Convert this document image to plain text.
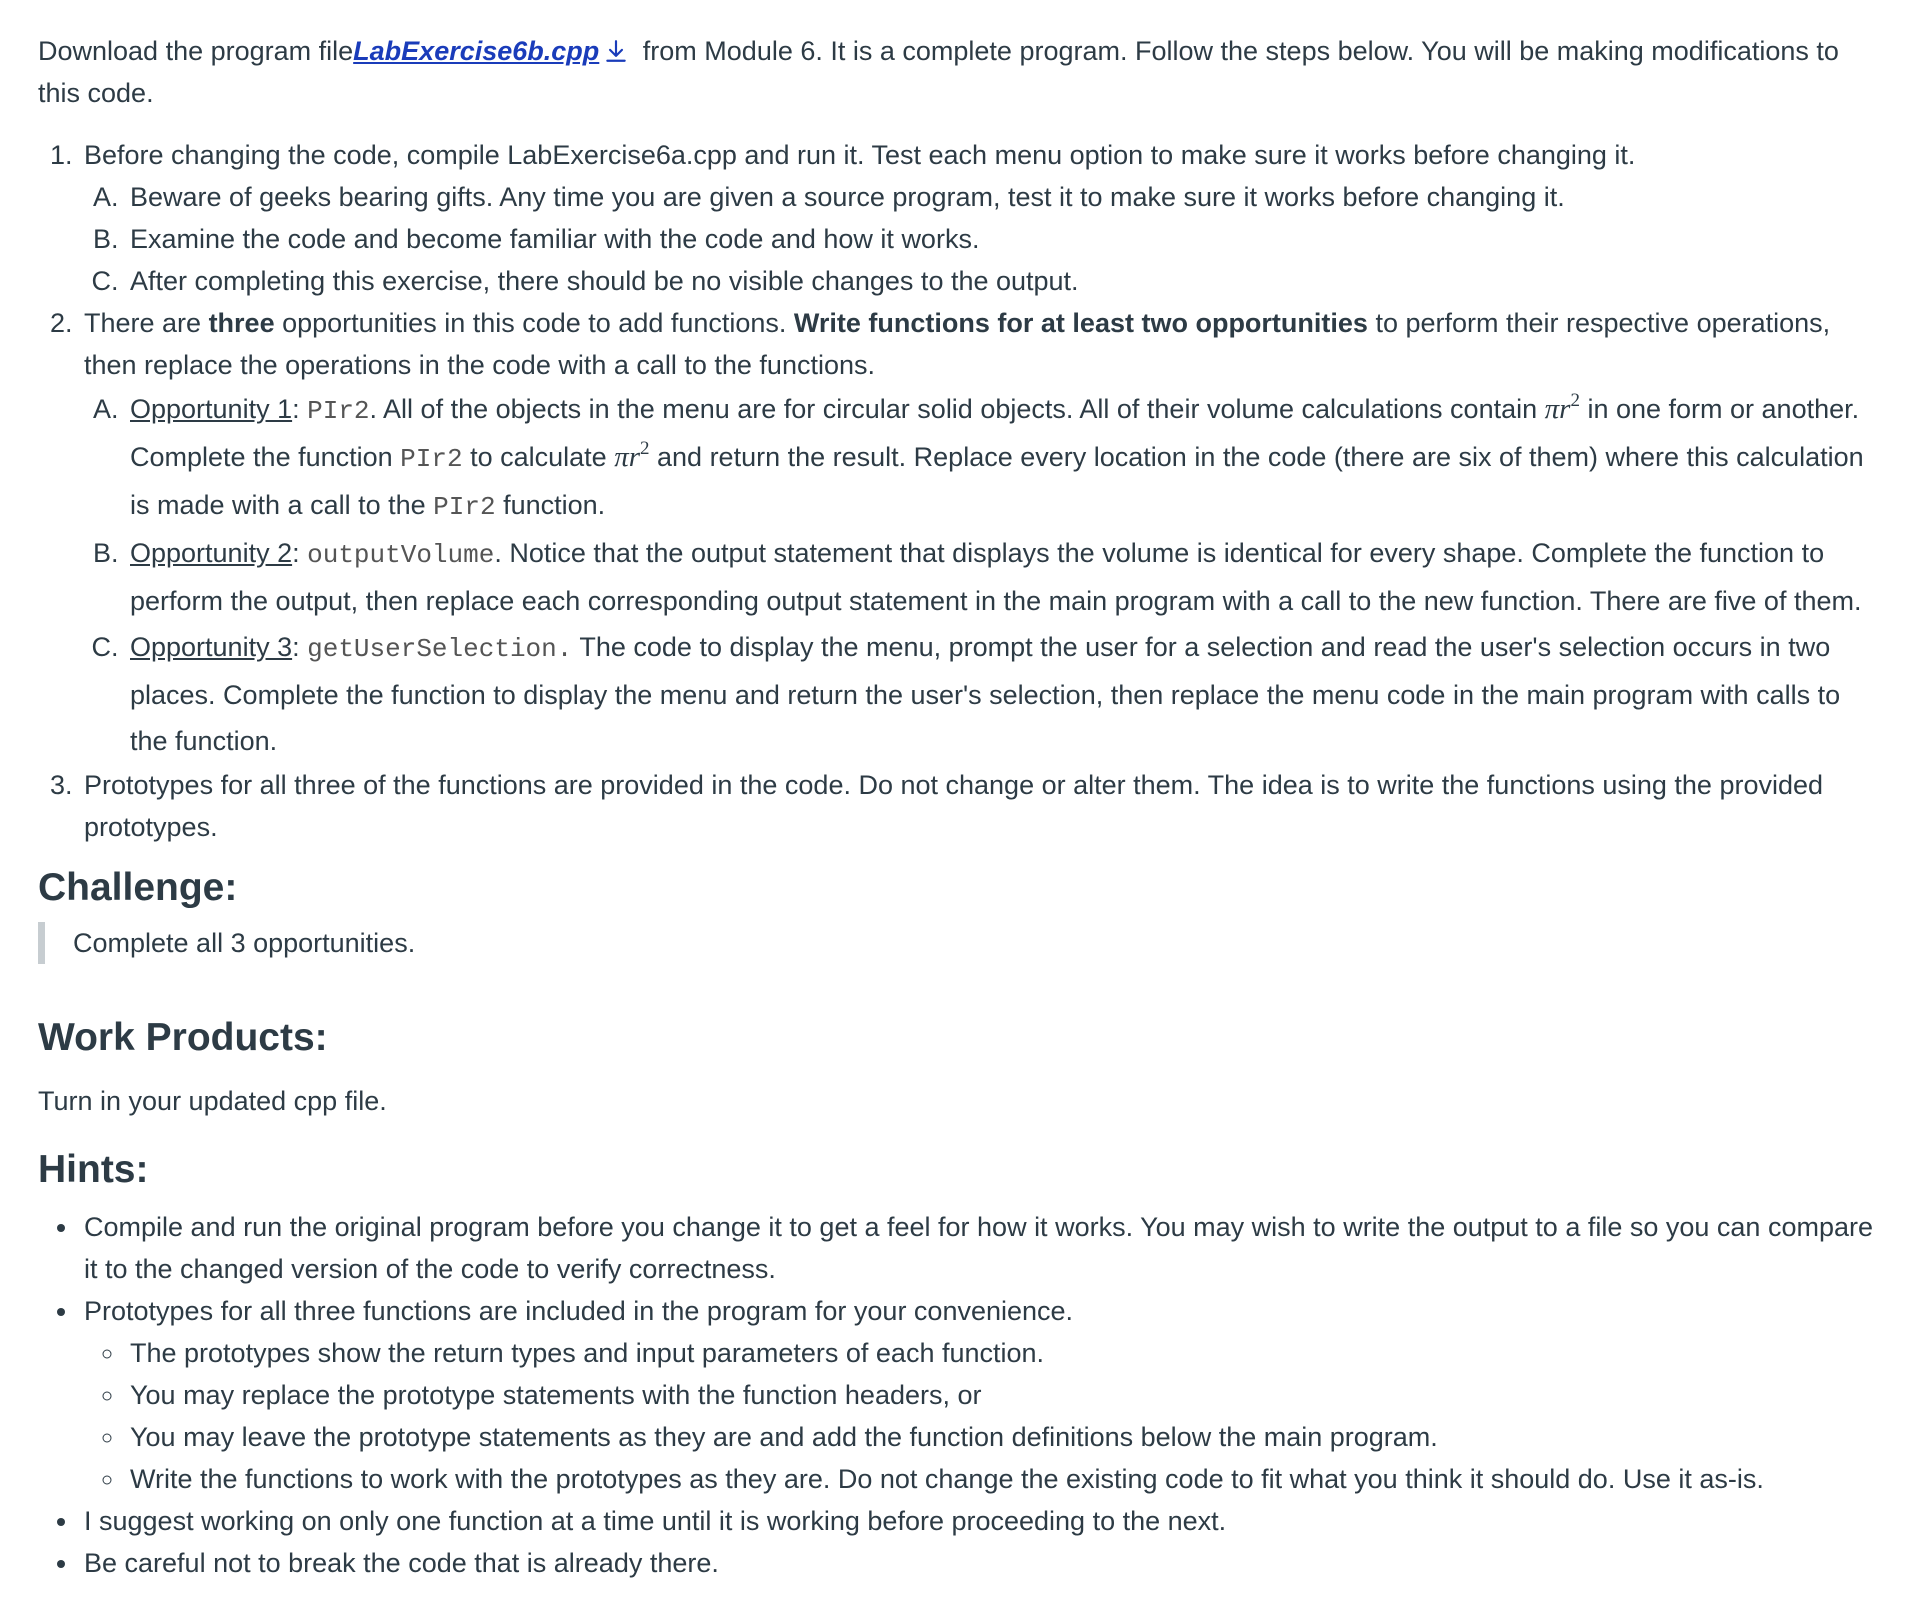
Download the program fileLabExercise6b.cpp from Module 6. It is a complete program. Follow the steps below. You will be making modifications to this code.

1. Before changing the code, compile LabExercise6a.cpp and run it. Test each menu option to make sure it works before changing it.
A. Beware of geeks bearing gifts. Any time you are given a source program, test it to make sure it works before changing it.
B. Examine the code and become familiar with the code and how it works.
C. After completing this exercise, there should be no visible changes to the output.
2. There are three opportunities in this code to add functions. Write functions for at least two opportunities to perform their respective operations, then replace the operations in the code with a call to the functions.
A. Opportunity 1: PIr2. All of the objects in the menu are for circular solid objects. All of their volume calculations contain $\pi r^2$ in one form or another. Complete the function PIr2 to calculate $\pi r^2$ and return the result. Replace every location in the code (there are six of them) where this calculation is made with a call to the PIr2 function.
B. Opportunity 2: outputVolume. Notice that the output statement that displays the volume is identical for every shape. Complete the function to perform the output, then replace each corresponding output statement in the main program with a call to the new function. There are five of them.
C. Opportunity 3: getUserSelection. The code to display the menu, prompt the user for a selection and read the user's selection occurs in two places. Complete the function to display the menu and return the user's selection, then replace the menu code in the main program with calls to the function.
3. Prototypes for all three of the functions are provided in the code. Do not change or alter them. The idea is to write the functions using the provided prototypes.
Challenge:

Complete all 3 opportunities.

Work Products:

Turn in your updated cpp file.

Hints:
• Compile and run the original program before you change it to get a feel for how it works. You may wish to write the output to a file so you can compare it to the changed version of the code to verify correctness.
• Prototypes for all three functions are included in the program for your convenience.
◦ The prototypes show the return types and input parameters of each function.
◦ You may replace the prototype statements with the function headers, or
◦ You may leave the prototype statements as they are and add the function definitions below the main program.
◦ Write the functions to work with the prototypes as they are. Do not change the existing code to fit what you think it should do. Use it as-is.
• I suggest working on only one function at a time until it is working before proceeding to the next.
• Be careful not to break the code that is already there.
